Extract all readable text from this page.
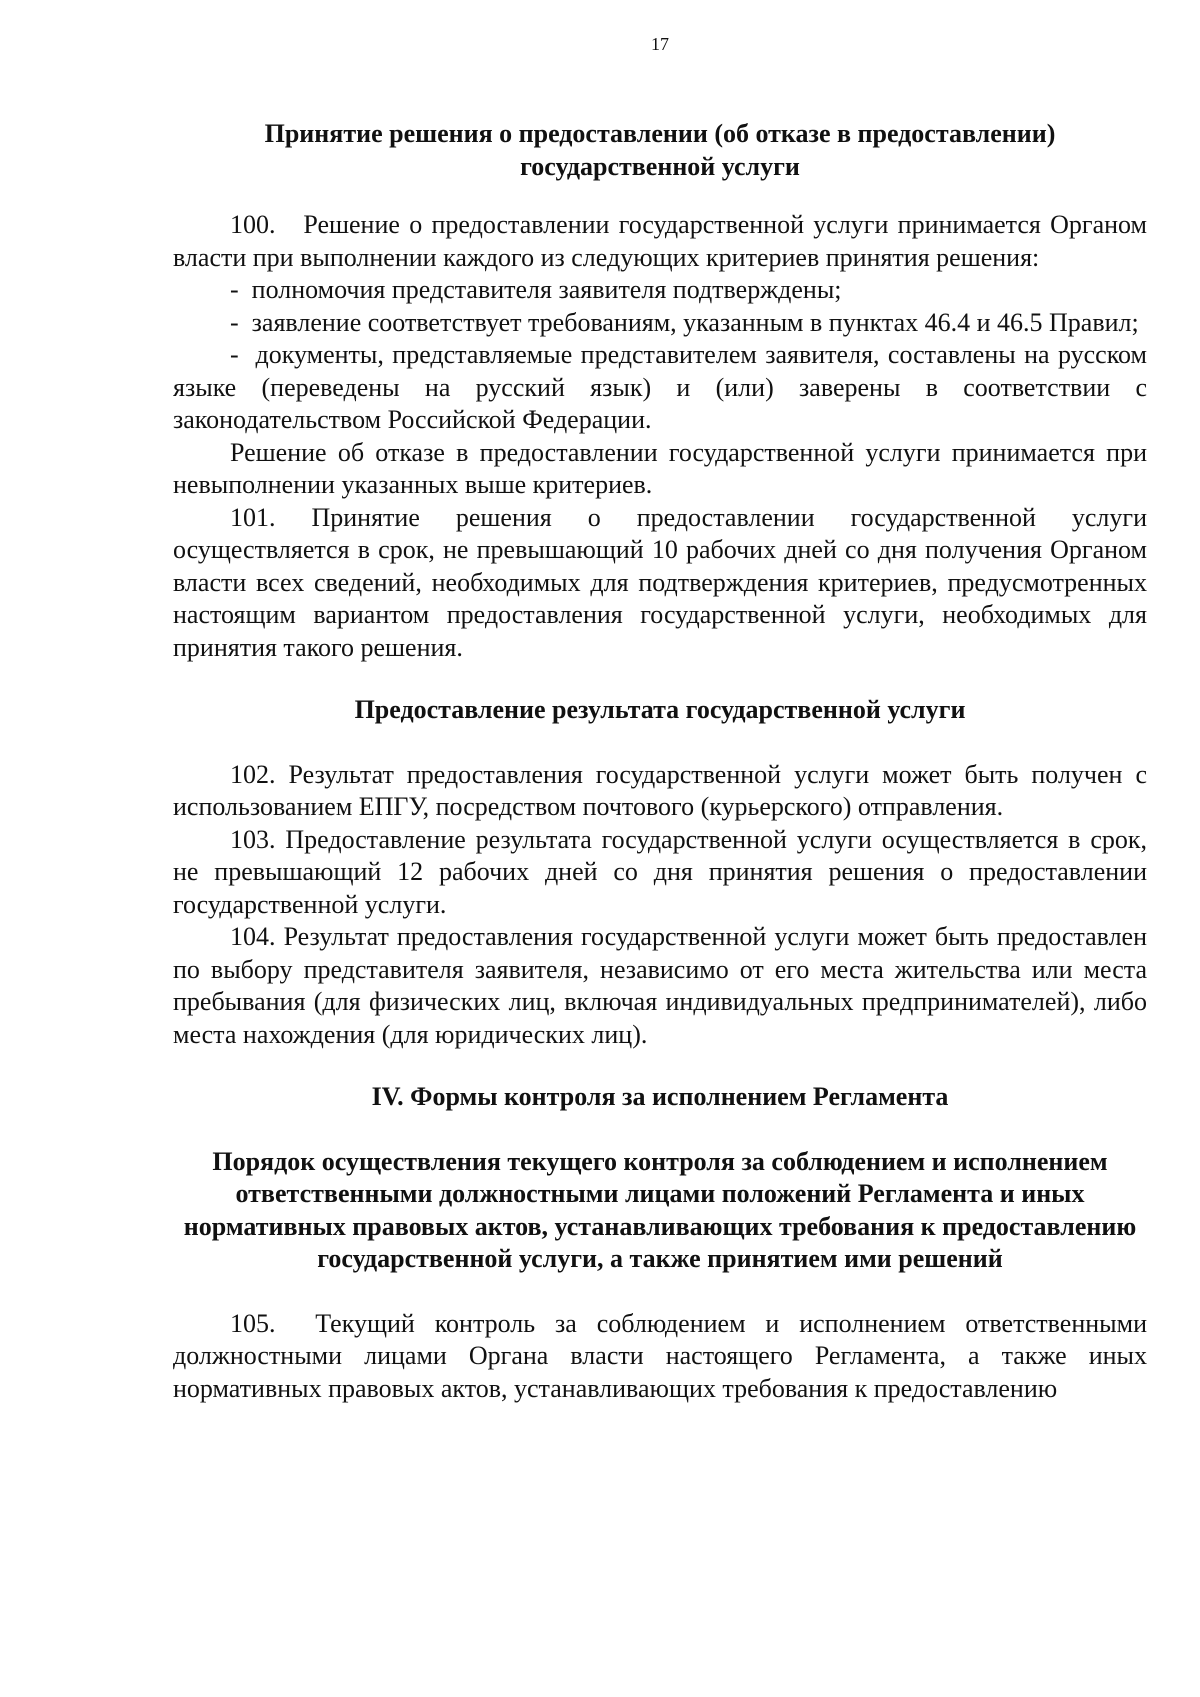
17
Принятие решения о предоставлении (об отказе в предоставлении) государственной услуги

100.   Решение о предоставлении государственной услуги принимается Органом власти при выполнении каждого из следующих критериев принятия решения:

-  полномочия представителя заявителя подтверждены;

-  заявление соответствует требованиям, указанным в пунктах 46.4 и 46.5 Правил;

-  документы, представляемые представителем заявителя, составлены на русском языке (переведены на русский язык) и (или) заверены в соответствии с законодательством Российской Федерации.

Решение об отказе в предоставлении государственной услуги принимается при невыполнении указанных выше критериев.

101. Принятие решения о предоставлении государственной услуги осуществляется в срок, не превышающий 10 рабочих дней со дня получения Органом власти всех сведений, необходимых для подтверждения критериев, предусмотренных настоящим вариантом предоставления государственной услуги, необходимых для принятия такого решения.

Предоставление результата государственной услуги

102. Результат предоставления государственной услуги может быть получен с использованием ЕПГУ, посредством почтового (курьерского) отправления.

103. Предоставление результата государственной услуги осуществляется в срок, не превышающий 12 рабочих дней со дня принятия решения о предоставлении государственной услуги.

104. Результат предоставления государственной услуги может быть предоставлен по выбору представителя заявителя, независимо от его места жительства или места пребывания (для физических лиц, включая индивидуальных предпринимателей), либо места нахождения (для юридических лиц).

IV. Формы контроля за исполнением Регламента
Порядок осуществления текущего контроля за соблюдением и исполнением ответственными должностными лицами положений Регламента и иных нормативных правовых актов, устанавливающих требования к предоставлению государственной услуги, а также принятием ими решений

105.  Текущий контроль за соблюдением и исполнением ответственными должностными лицами Органа власти настоящего Регламента, а также иных нормативных правовых актов, устанавливающих требования к предоставлению
